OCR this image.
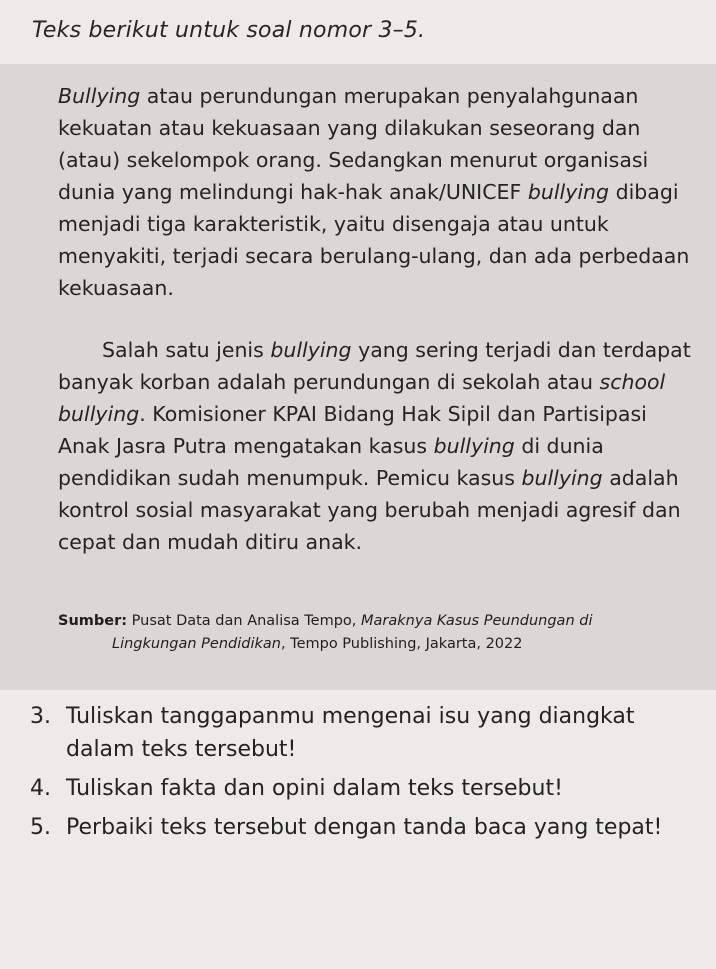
Teks berikut untuk soal nomor 3–5.

Bullying atau perundungan merupakan penyalahgunaan kekuatan atau kekuasaan yang dilakukan seseorang dan (atau) sekelompok orang. Sedangkan menurut organisasi dunia yang melindungi hak-hak anak/UNICEF bullying dibagi menjadi tiga karakteristik, yaitu disengaja atau untuk menyakiti, terjadi secara berulang-ulang, dan ada perbedaan kekuasaan.

Salah satu jenis bullying yang sering terjadi dan terdapat banyak korban adalah perundungan di sekolah atau school bullying. Komisioner KPAI Bidang Hak Sipil dan Partisipasi Anak Jasra Putra mengatakan kasus bullying di dunia pendidikan sudah menumpuk. Pemicu kasus bullying adalah kontrol sosial masyarakat yang berubah menjadi agresif dan cepat dan mudah ditiru anak.

Sumber: Pusat Data dan Analisa Tempo, Maraknya Kasus Peundungan di
Lingkungan Pendidikan, Tempo Publishing, Jakarta, 2022
3. Tuliskan tanggapanmu mengenai isu yang diangkat dalam teks tersebut!
4. Tuliskan fakta dan opini dalam teks tersebut!
5. Perbaiki teks tersebut dengan tanda baca yang tepat!
